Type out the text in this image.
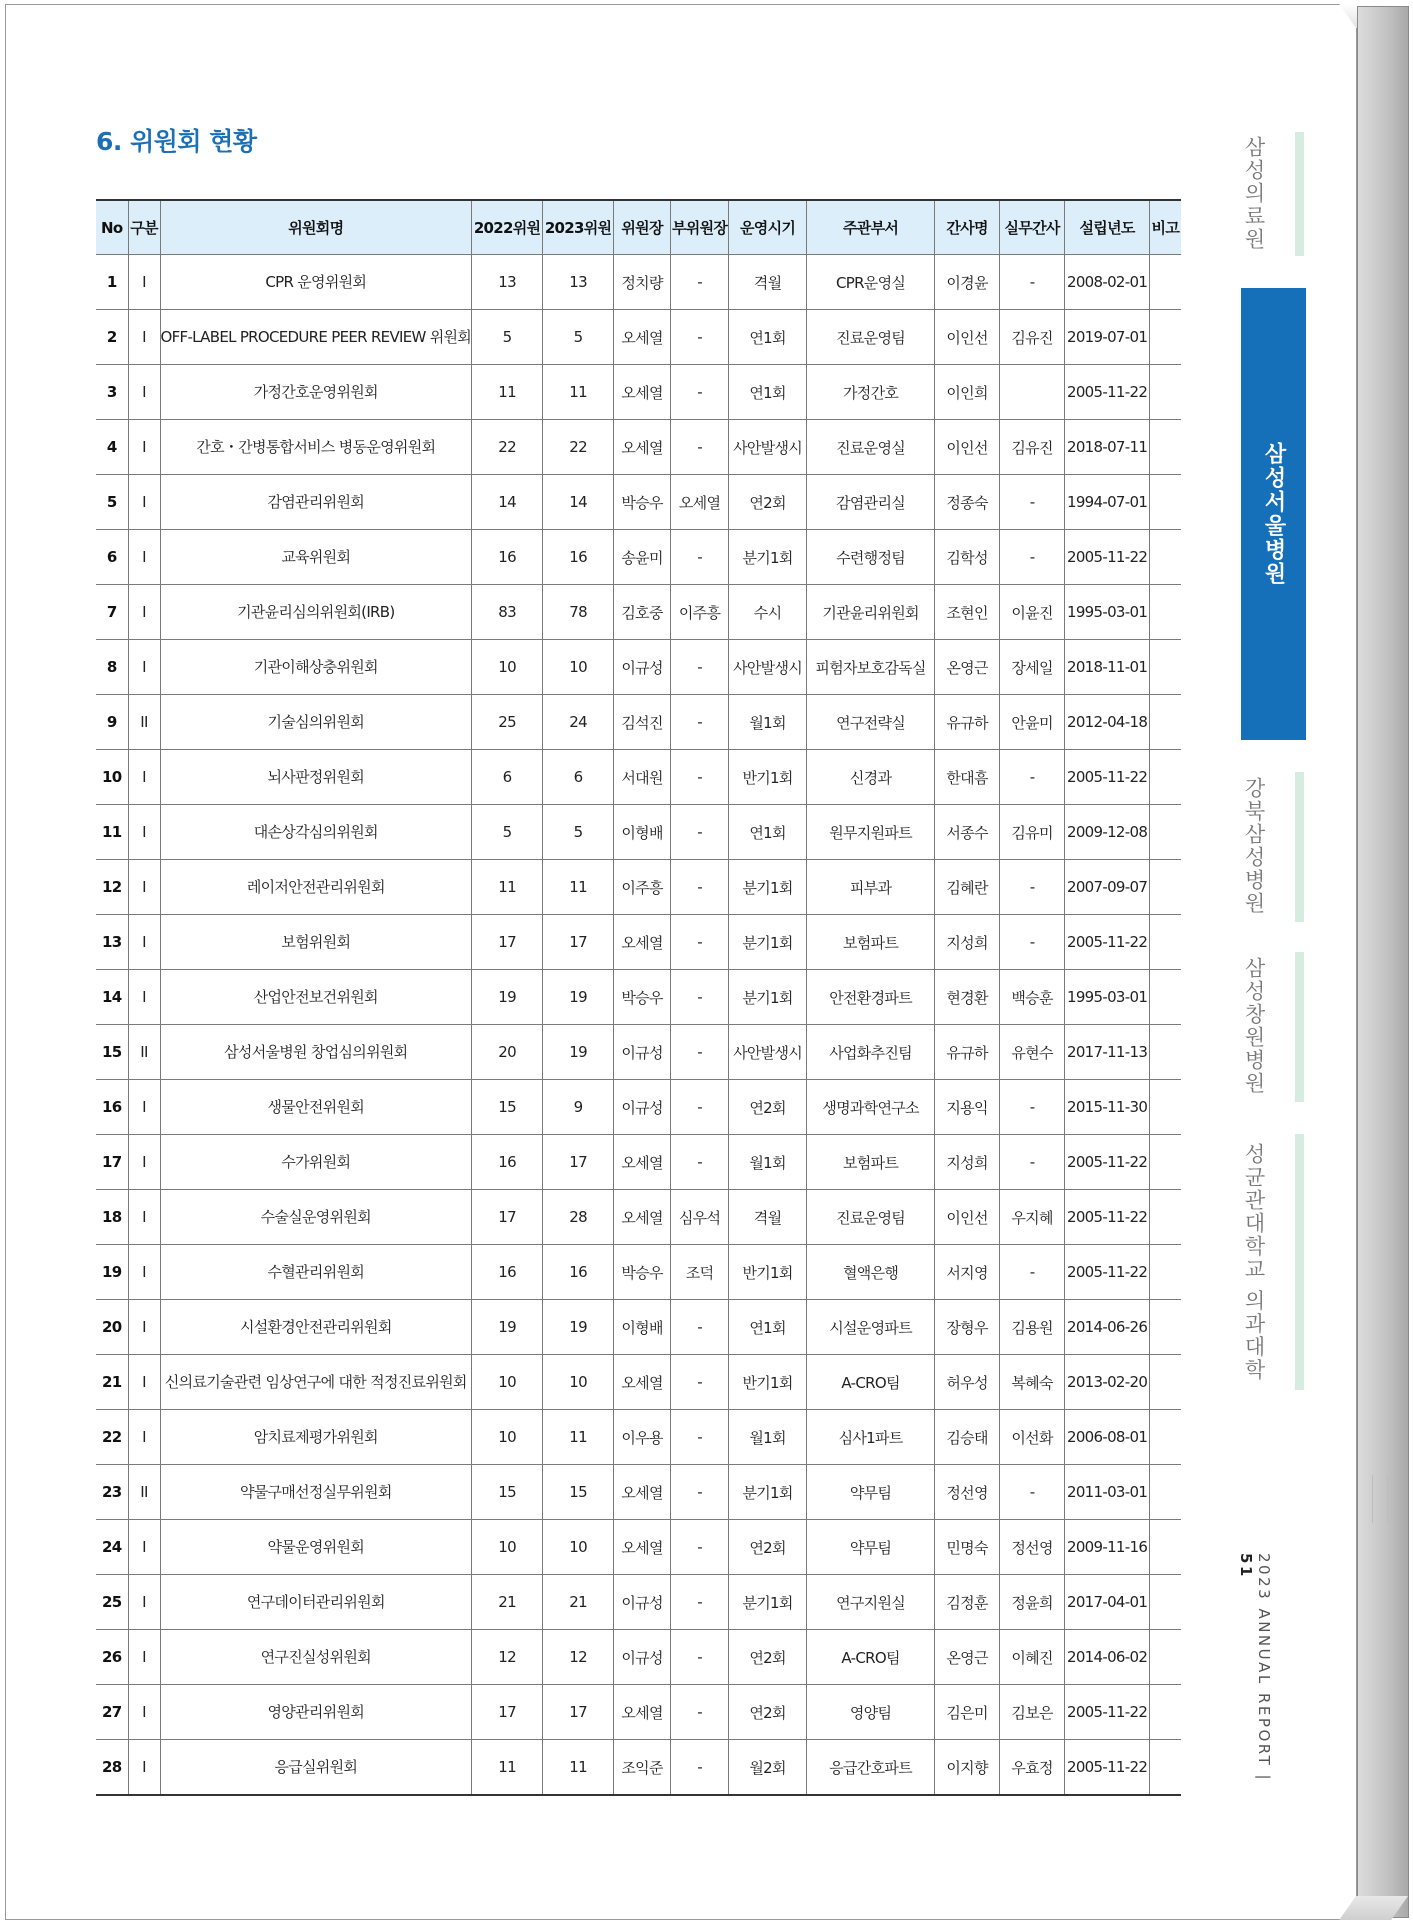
6. 위원회 현황
No	구분	위원회명	2022위원	2023위원	위원장	부위원장	운영시기	주관부서	간사명	실무간사	설립년도	비고
1	I	CPR 운영위원회	13	13	정치량	-	격월	CPR운영실	이경윤	-	2008-02-01	
2	I	OFF-LABEL PROCEDURE PEER REVIEW 위원회	5	5	오세열	-	연1회	진료운영팀	이인선	김유진	2019-07-01	
3	I	가정간호운영위원회	11	11	오세열	-	연1회	가정간호	이인희		2005-11-22	
4	I	간호・간병통합서비스 병동운영위원회	22	22	오세열	-	사안발생시	진료운영실	이인선	김유진	2018-07-11	
5	I	감염관리위원회	14	14	박승우	오세열	연2회	감염관리실	정종숙	-	1994-07-01	
6	I	교육위원회	16	16	송윤미	-	분기1회	수련행정팀	김학성	-	2005-11-22	
7	I	기관윤리심의위원회(IRB)	83	78	김호중	이주흥	수시	기관윤리위원회	조현인	이윤진	1995-03-01	
8	I	기관이해상충위원회	10	10	이규성	-	사안발생시	피험자보호감독실	온영근	장세일	2018-11-01	
9	II	기술심의위원회	25	24	김석진	-	월1회	연구전략실	유규하	안윤미	2012-04-18	
10	I	뇌사판정위원회	6	6	서대원	-	반기1회	신경과	한대흠	-	2005-11-22	
11	I	대손상각심의위원회	5	5	이형배	-	연1회	원무지원파트	서종수	김유미	2009-12-08	
12	I	레이저안전관리위원회	11	11	이주흥	-	분기1회	피부과	김혜란	-	2007-09-07	
13	I	보험위원회	17	17	오세열	-	분기1회	보험파트	지성희	-	2005-11-22	
14	I	산업안전보건위원회	19	19	박승우	-	분기1회	안전환경파트	현경환	백승훈	1995-03-01	
15	II	삼성서울병원 창업심의위원회	20	19	이규성	-	사안발생시	사업화추진팀	유규하	유현수	2017-11-13	
16	I	생물안전위원회	15	9	이규성	-	연2회	생명과학연구소	지용익	-	2015-11-30	
17	I	수가위원회	16	17	오세열	-	월1회	보험파트	지성희	-	2005-11-22	
18	I	수술실운영위원회	17	28	오세열	심우석	격월	진료운영팀	이인선	우지혜	2005-11-22	
19	I	수혈관리위원회	16	16	박승우	조덕	반기1회	혈액은행	서지영	-	2005-11-22	
20	I	시설환경안전관리위원회	19	19	이형배	-	연1회	시설운영파트	장형우	김용원	2014-06-26	
21	I	신의료기술관련 임상연구에 대한 적정진료위원회	10	10	오세열	-	반기1회	A-CRO팀	허우성	복혜숙	2013-02-20	
22	I	암치료제평가위원회	10	11	이우용	-	월1회	심사1파트	김승태	이선화	2006-08-01	
23	II	약물구매선정실무위원회	15	15	오세열	-	분기1회	약무팀	정선영	-	2011-03-01	
24	I	약물운영위원회	10	10	오세열	-	연2회	약무팀	민명숙	정선영	2009-11-16	
25	I	연구데이터관리위원회	21	21	이규성	-	분기1회	연구지원실	김정훈	정윤희	2017-04-01	
26	I	연구진실성위원회	12	12	이규성	-	연2회	A-CRO팀	온영근	이혜진	2014-06-02	
27	I	영양관리위원회	17	17	오세열	-	연2회	영양팀	김은미	김보은	2005-11-22	
28	I	응급실위원회	11	11	조익준	-	월2회	응급간호파트	이지향	우효정	2005-11-22	
삼성의료원
삼성서울병원
강북삼성병원
삼성창원병원
성균관대학교 의과대학
2023 ANNUAL REPORT | 51
